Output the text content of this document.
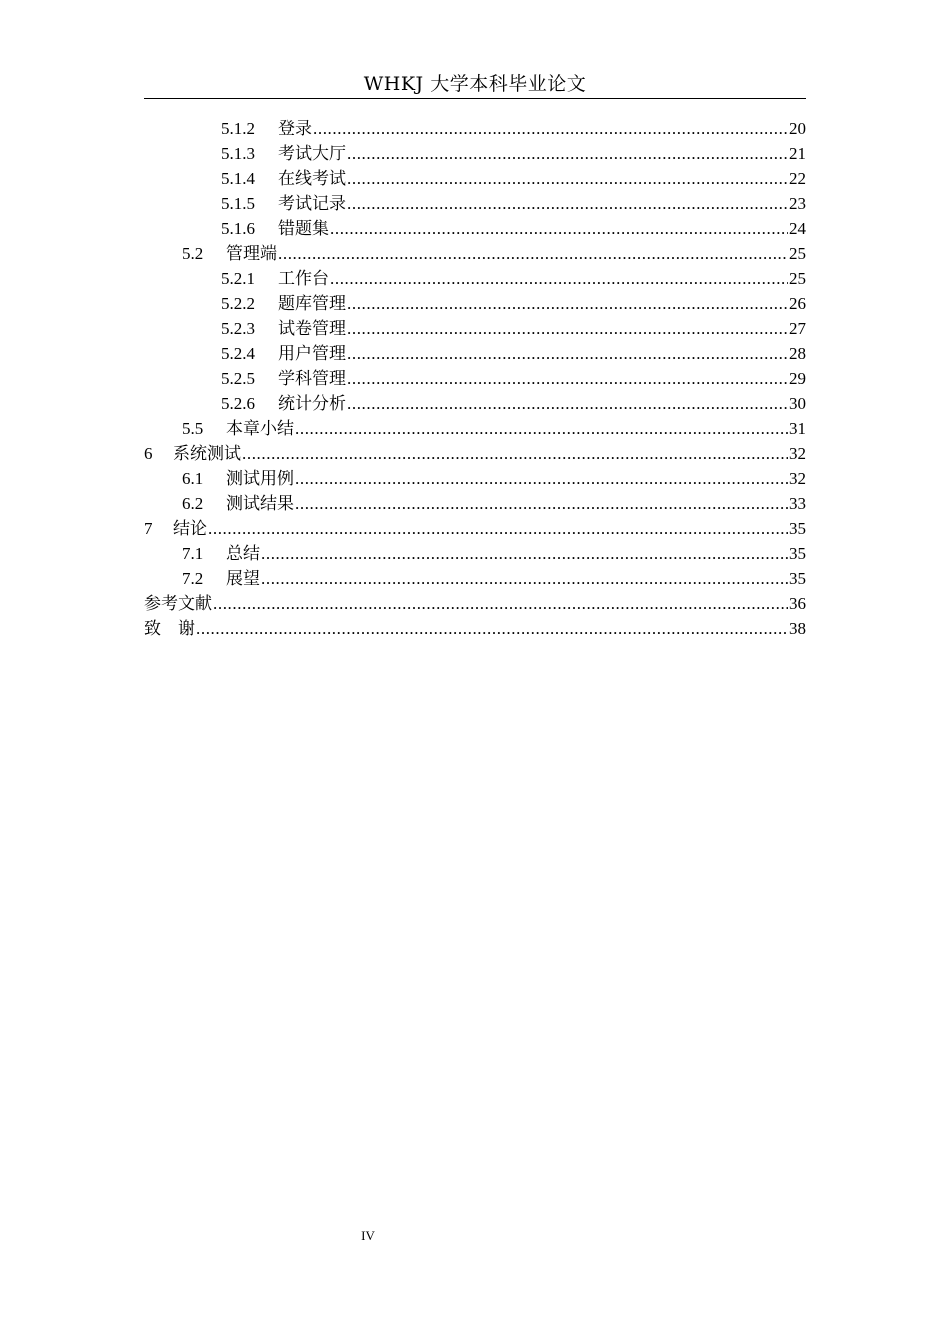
WHKJ 大学本科毕业论文
5.1.2	登录 .....	20
5.1.3	考试大厅 .....	21
5.1.4	在线考试 .....	22
5.1.5	考试记录 .....	23
5.1.6	错题集 .....	24
5.2	管理端 .....	25
5.2.1	工作台 .....	25
5.2.2	题库管理 .....	26
5.2.3	试卷管理 .....	27
5.2.4	用户管理 .....	28
5.2.5	学科管理 .....	29
5.2.6	统计分析 .....	30
5.5	本章小结 .....	31
6	系统测试 .....	32
6.1	测试用例 .....	32
6.2	测试结果 .....	33
7	结论 .....	35
7.1	总结 .....	35
7.2	展望 .....	35
参考文献 .....	36
致　谢 .....	38
IV
